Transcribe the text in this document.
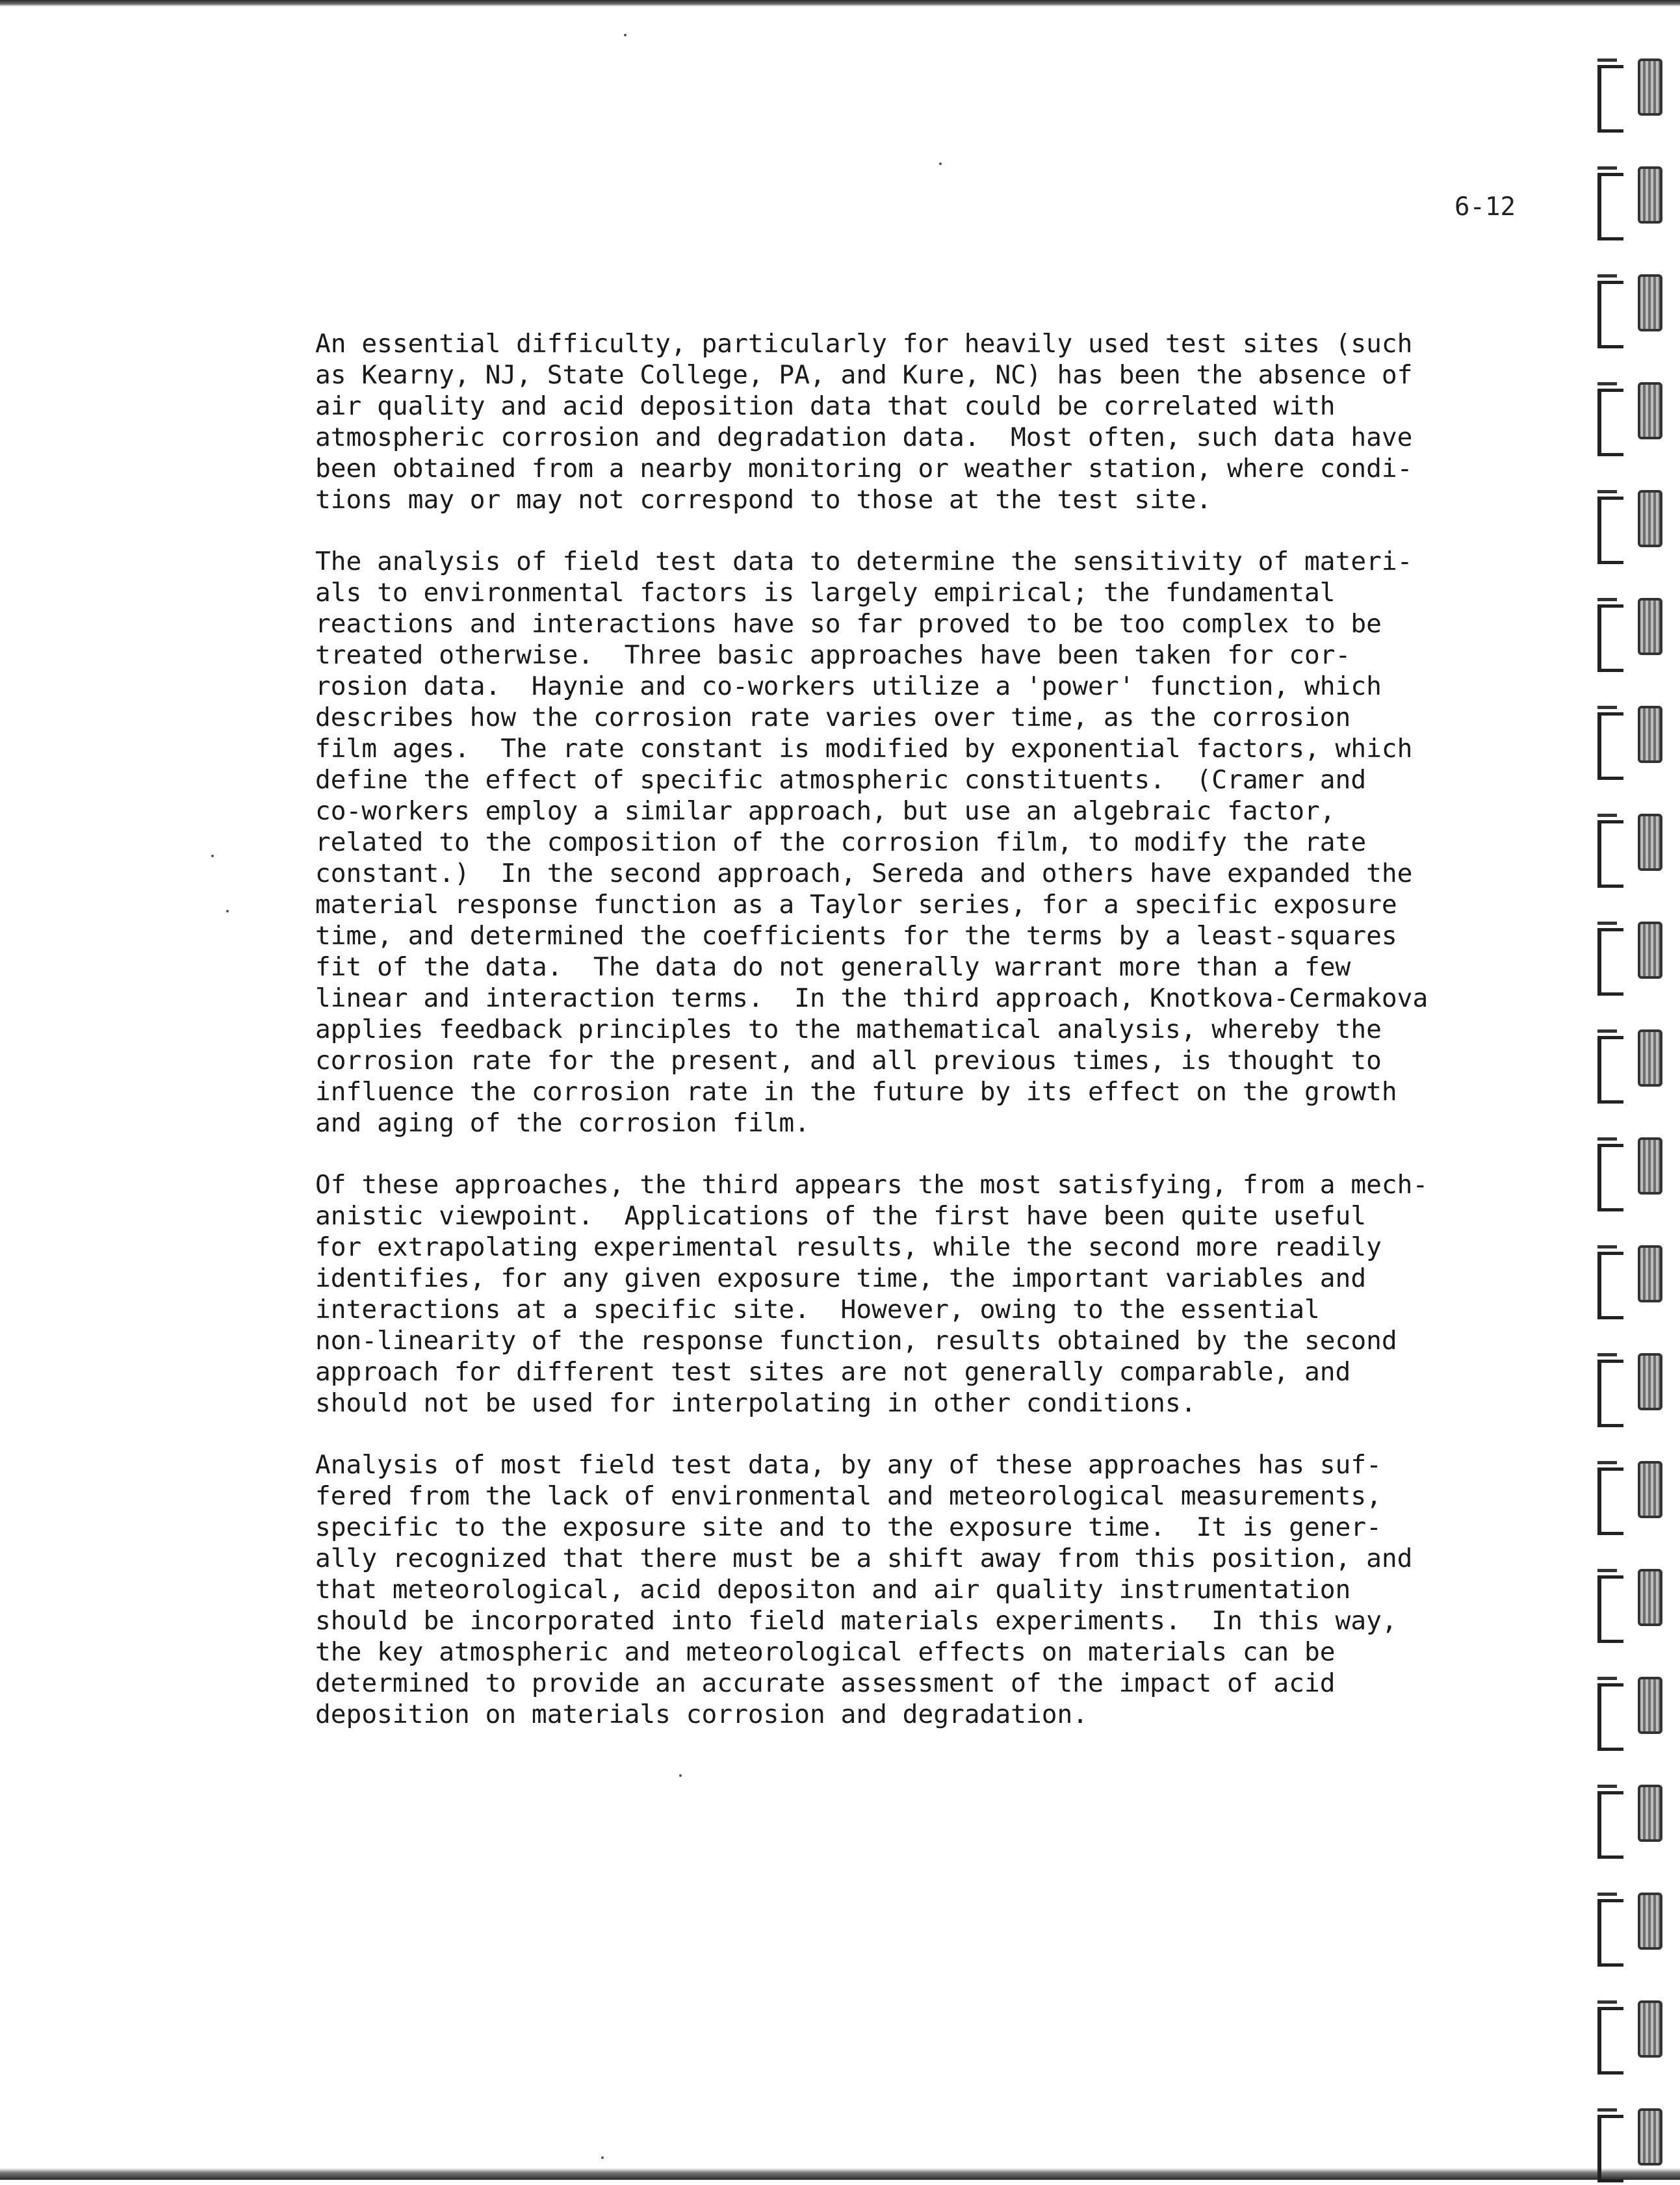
6-12
An essential difficulty, particularly for heavily used test sites (such
as Kearny, NJ, State College, PA, and Kure, NC) has been the absence of
air quality and acid deposition data that could be correlated with
atmospheric corrosion and degradation data.  Most often, such data have
been obtained from a nearby monitoring or weather station, where condi-
tions may or may not correspond to those at the test site.
The analysis of field test data to determine the sensitivity of materi-
als to environmental factors is largely empirical; the fundamental
reactions and interactions have so far proved to be too complex to be
treated otherwise.  Three basic approaches have been taken for cor-
rosion data.  Haynie and co-workers utilize a 'power' function, which
describes how the corrosion rate varies over time, as the corrosion
film ages.  The rate constant is modified by exponential factors, which
define the effect of specific atmospheric constituents.  (Cramer and
co-workers employ a similar approach, but use an algebraic factor,
related to the composition of the corrosion film, to modify the rate
constant.)  In the second approach, Sereda and others have expanded the
material response function as a Taylor series, for a specific exposure
time, and determined the coefficients for the terms by a least-squares
fit of the data.  The data do not generally warrant more than a few
linear and interaction terms.  In the third approach, Knotkova-Cermakova
applies feedback principles to the mathematical analysis, whereby the
corrosion rate for the present, and all previous times, is thought to
influence the corrosion rate in the future by its effect on the growth
and aging of the corrosion film.
Of these approaches, the third appears the most satisfying, from a mech-
anistic viewpoint.  Applications of the first have been quite useful
for extrapolating experimental results, while the second more readily
identifies, for any given exposure time, the important variables and
interactions at a specific site.  However, owing to the essential
non-linearity of the response function, results obtained by the second
approach for different test sites are not generally comparable, and
should not be used for interpolating in other conditions.
Analysis of most field test data, by any of these approaches has suf-
fered from the lack of environmental and meteorological measurements,
specific to the exposure site and to the exposure time.  It is gener-
ally recognized that there must be a shift away from this position, and
that meteorological, acid depositon and air quality instrumentation
should be incorporated into field materials experiments.  In this way,
the key atmospheric and meteorological effects on materials can be
determined to provide an accurate assessment of the impact of acid
deposition on materials corrosion and degradation.
